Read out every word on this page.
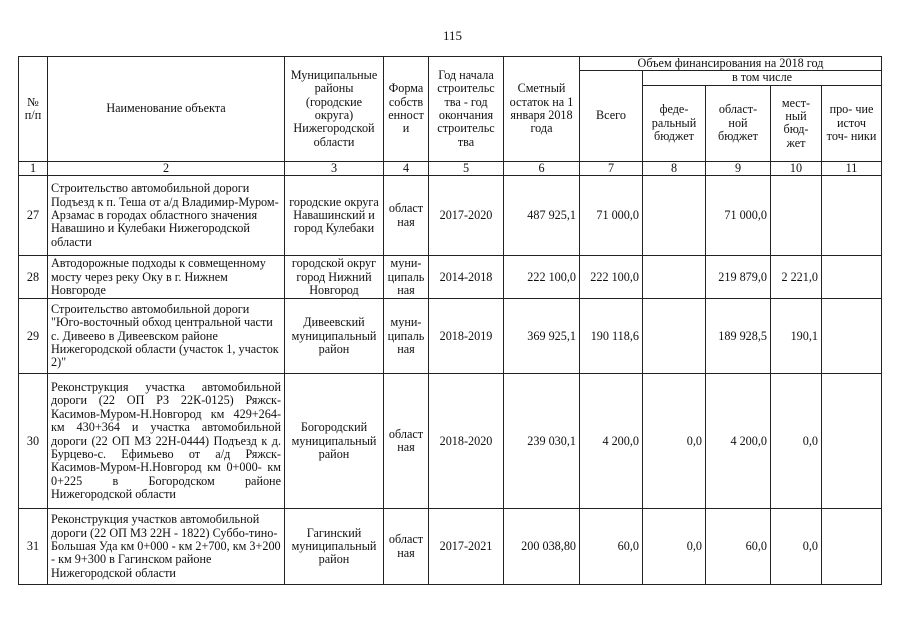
115
№ п/п	Наименование объекта	Муниципальные районы (городские округа) Нижегородской области	Форма собств енност и	Год начала строительс тва - год окончания строительс тва	Сметный остаток на 1 января 2018 года	Объем финансирования на 2018 год				
						Всего	в том числе			
							феде- ральный бюджет	област- ной бюджет	мест- ный бюд- жет	про- чие источ точ- ники
1	2	3	4	5	6	7	8	9	10	11
27	Строительство автомобильной дороги Подъезд к п. Теша от а/д Владимир-Муром-Арзамас в городах областного значения Навашино и Кулебаки Нижегородской области	городские округа Навашинский и город Кулебаки	област ная	2017-2020	487 925,1	71 000,0		71 000,0		
28	Автодорожные подходы к совмещенному мосту через реку Оку в г. Нижнем Новгороде	городской округ город Нижний Новгород	муни- ципаль ная	2014-2018	222 100,0	222 100,0		219 879,0	2 221,0	
29	Строительство автомобильной дороги "Юго-восточный обход центральной части с. Дивеево в Дивеевском районе Нижегородской области (участок 1, участок 2)"	Дивеевский муниципальный район	муни- ципаль ная	2018-2019	369 925,1	190 118,6		189 928,5	190,1	
30	Реконструкция участка автомобильной дороги (22 ОП РЗ 22К-0125) Ряжск-Касимов-Муром-Н.Новгород км 429+264- км 430+364 и участка автомобильной дороги (22 ОП МЗ 22Н-0444) Подъезд к д. Бурцево-с. Ефимьево от а/д Ряжск-Касимов-Муром-Н.Новгород км 0+000- км 0+225 в Богородском районе Нижегородской области	Богородский муниципальный район	област ная	2018-2020	239 030,1	4 200,0	0,0	4 200,0	0,0	
31	Реконструкция участков автомобильной дороги (22 ОП МЗ 22Н - 1822) Суббо-тино-Большая Уда км 0+000 - км 2+700, км 3+200 - км 9+300 в Гагинском районе Нижегородской области	Гагинский муниципальный район	област ная	2017-2021	200 038,80	60,0	0,0	60,0	0,0	
